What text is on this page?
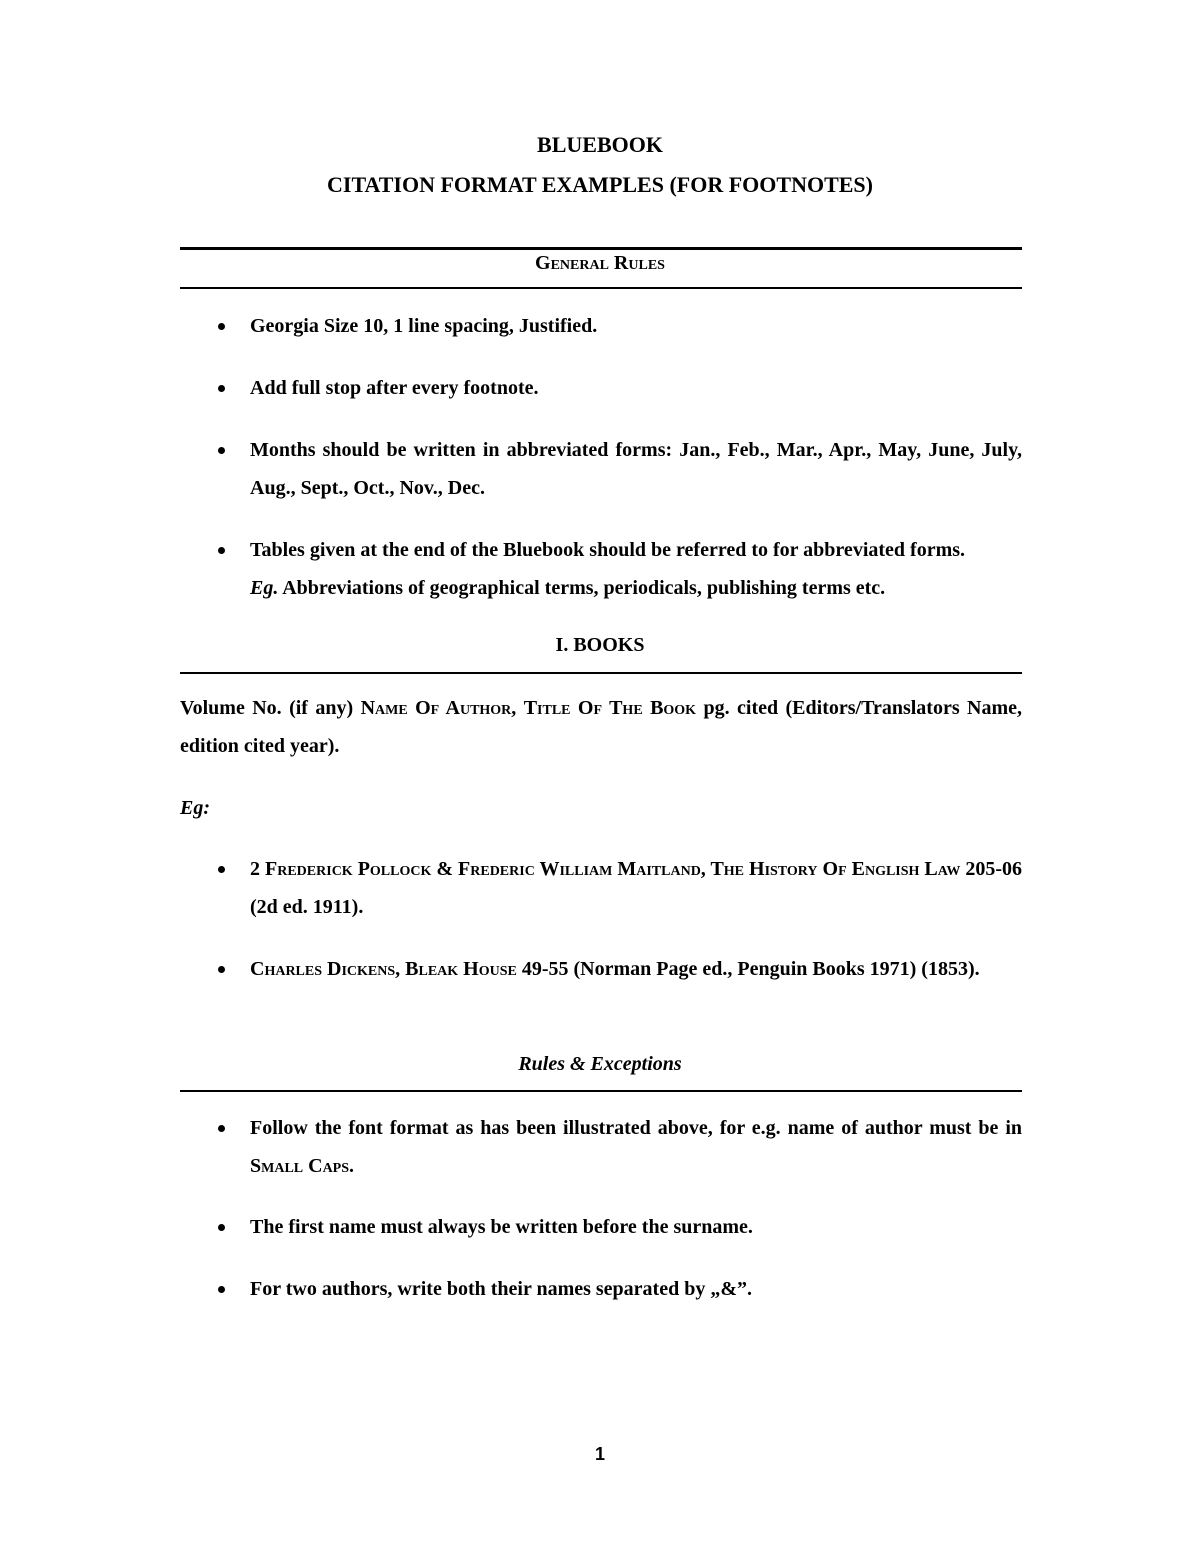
BLUEBOOK
CITATION FORMAT EXAMPLES (FOR FOOTNOTES)
General Rules
Georgia Size 10, 1 line spacing, Justified.
Add full stop after every footnote.
Months should be written in abbreviated forms: Jan., Feb., Mar., Apr., May, June, July, Aug., Sept., Oct., Nov., Dec.
Tables given at the end of the Bluebook should be referred to for abbreviated forms.
Eg. Abbreviations of geographical terms, periodicals, publishing terms etc.
I. BOOKS
Volume No. (if any) Name Of Author, Title Of The Book pg. cited (Editors/Translators Name, edition cited year).
Eg:
2 Frederick Pollock & Frederic William Maitland, The History Of English Law 205-06 (2d ed. 1911).
Charles Dickens, Bleak House 49-55 (Norman Page ed., Penguin Books 1971) (1853).
Rules & Exceptions
Follow the font format as has been illustrated above, for e.g. name of author must be in Small Caps.
The first name must always be written before the surname.
For two authors, write both their names separated by „&”.
1
